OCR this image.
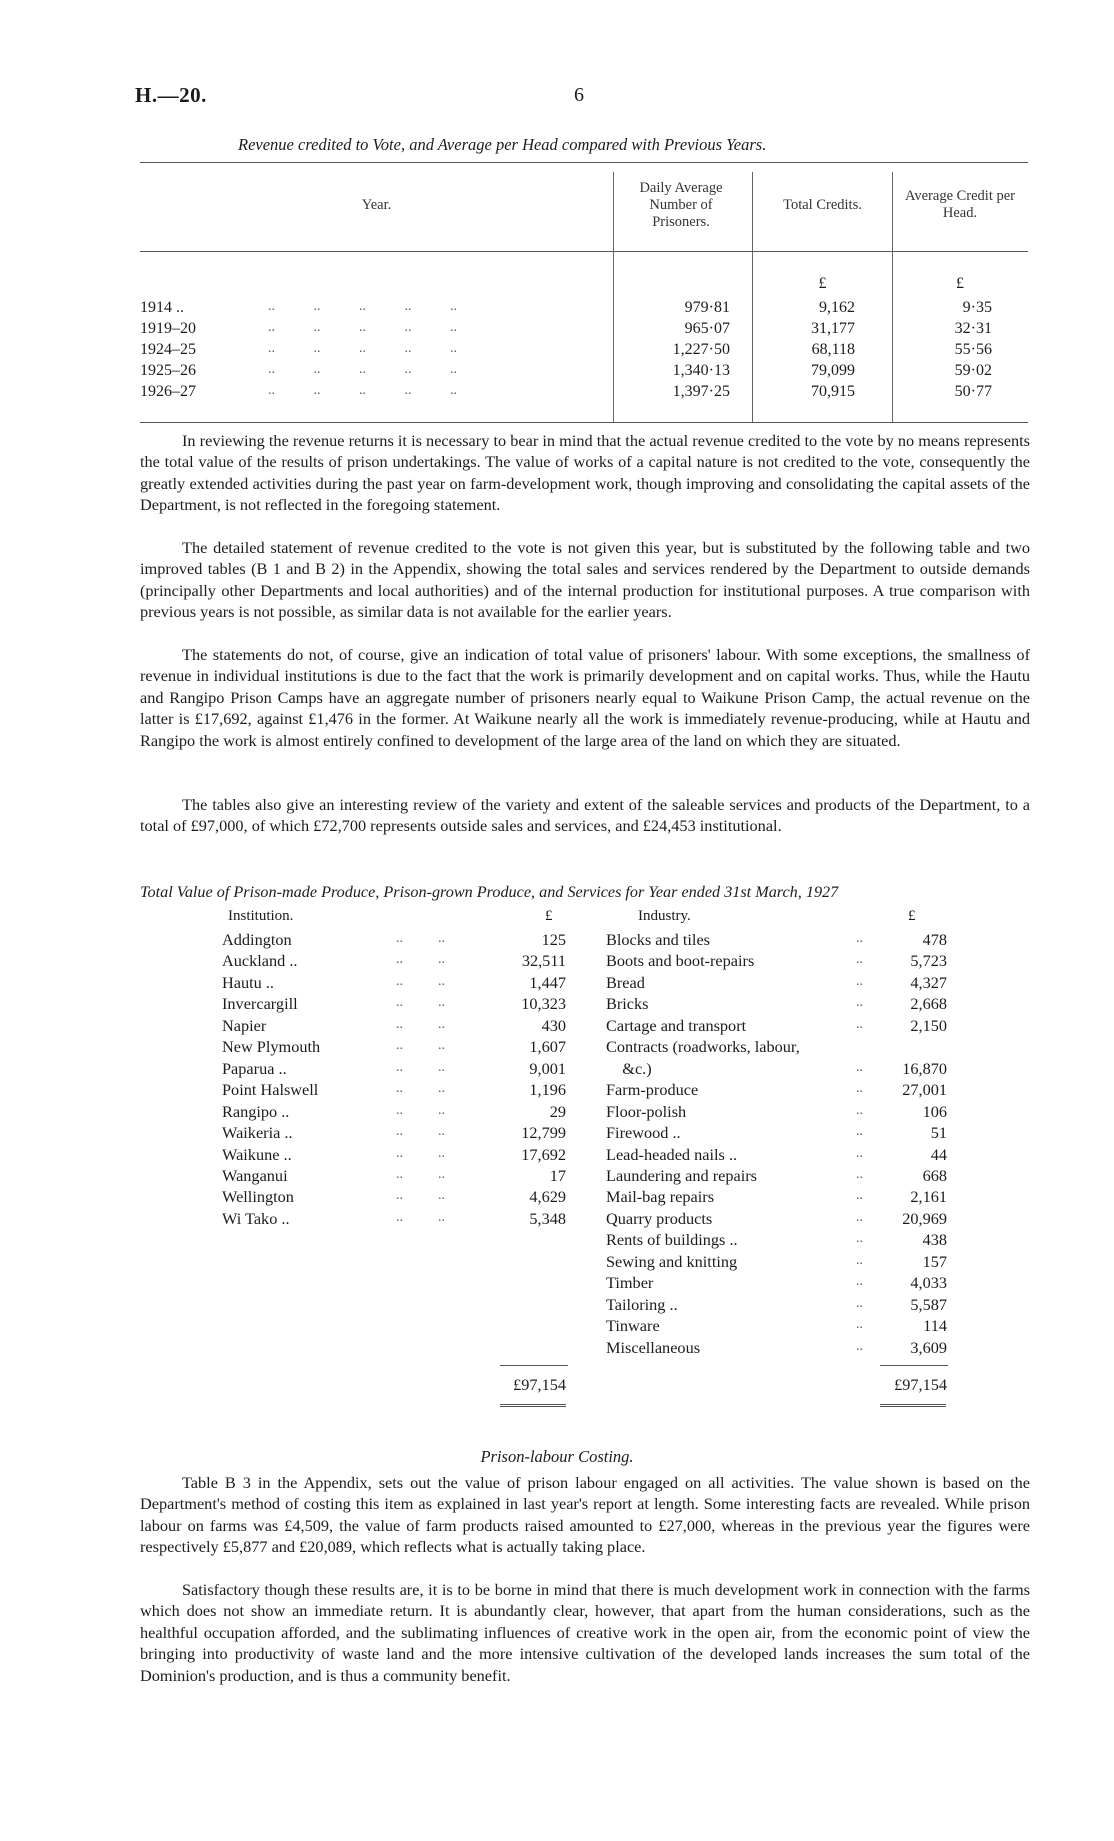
H.—20.	6
Revenue credited to Vote, and Average per Head compared with Previous Years.
Year.
Daily Average Number of Prisoners.
Total Credits.
Average Credit per Head.
£	£
1914 ..	..           ..           ..           ..           ..	979·81	9,162	9·35
1919–20	..           ..           ..           ..           ..	965·07	31,177	32·31
1924–25	..           ..           ..           ..           ..	1,227·50	68,118	55·56
1925–26	..           ..           ..           ..           ..	1,340·13	79,099	59·02
1926–27	..           ..           ..           ..           ..	1,397·25	70,915	50·77

In reviewing the revenue returns it is necessary to bear in mind that the actual revenue credited to the vote by no means represents the total value of the results of prison undertakings. The value of works of a capital nature is not credited to the vote, consequently the greatly extended activities during the past year on farm-development work, though improving and consolidating the capital assets of the Department, is not reflected in the foregoing statement.

The detailed statement of revenue credited to the vote is not given this year, but is substituted by the following table and two improved tables (B 1 and B 2) in the Appendix, showing the total sales and services rendered by the Department to outside demands (principally other Departments and local authorities) and of the internal production for institutional purposes. A true comparison with previous years is not possible, as similar data is not available for the earlier years.

The statements do not, of course, give an indication of total value of prisoners' labour. With some exceptions, the smallness of revenue in individual institutions is due to the fact that the work is primarily development and on capital works. Thus, while the Hautu and Rangipo Prison Camps have an aggregate number of prisoners nearly equal to Waikune Prison Camp, the actual revenue on the latter is £17,692, against £1,476 in the former. At Waikune nearly all the work is immediately revenue-producing, while at Hautu and Rangipo the work is almost entirely confined to development of the large area of the land on which they are situated.

The tables also give an interesting review of the variety and extent of the saleable services and products of the Department, to a total of £97,000, of which £72,700 represents outside sales and services, and £24,453 institutional.

Total Value of Prison-made Produce, Prison-grown Produce, and Services for Year ended 31st March, 1927
Institution.	£	Industry.	£
Addington	..          ..	125
Auckland ..	..          ..	32,511
Hautu ..	..          ..	1,447
Invercargill	..          ..	10,323
Napier	..          ..	430
New Plymouth	..          ..	1,607
Paparua ..	..          ..	9,001
Point Halswell	..          ..	1,196
Rangipo ..	..          ..	29
Waikeria ..	..          ..	12,799
Waikune ..	..          ..	17,692
Wanganui	..          ..	17
Wellington	..          ..	4,629
Wi Tako ..	..          ..	5,348
Blocks and tiles	..	478
Boots and boot-repairs	..	5,723
Bread	..	4,327
Bricks	..	2,668
Cartage and transport	..	2,150
Contracts (roadworks, labour,
&c.)	..	16,870
Farm-produce	..	27,001
Floor-polish	..	106
Firewood ..	..	51
Lead-headed nails ..	..	44
Laundering and repairs	..	668
Mail-bag repairs	..	2,161
Quarry products	..	20,969
Rents of buildings ..	..	438
Sewing and knitting	..	157
Timber	..	4,033
Tailoring ..	..	5,587
Tinware	..	114
Miscellaneous	..	3,609
£97,154	£97,154
Prison-labour Costing.

Table B 3 in the Appendix, sets out the value of prison labour engaged on all activities. The value shown is based on the Department's method of costing this item as explained in last year's report at length. Some interesting facts are revealed. While prison labour on farms was £4,509, the value of farm products raised amounted to £27,000, whereas in the previous year the figures were respectively £5,877 and £20,089, which reflects what is actually taking place.

Satisfactory though these results are, it is to be borne in mind that there is much development work in connection with the farms which does not show an immediate return. It is abundantly clear, however, that apart from the human considerations, such as the healthful occupation afforded, and the sublimating influences of creative work in the open air, from the economic point of view the bringing into productivity of waste land and the more intensive cultivation of the developed lands increases the sum total of the Dominion's production, and is thus a community benefit.
